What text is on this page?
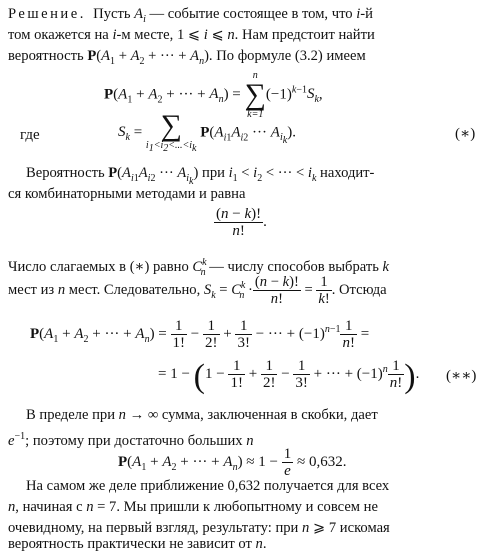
Решение.  Пусть $A_i$ — событие состоящее в том, что i-й
том окажется на i-м месте, 1 ⩽ i ⩽ n. Нам предстоит найти
вероятность $P(A_1 + A_2$ + ··· + $A_n$). По формуле (3.2) имеем
$P(A_1 + A_2$ + ··· + $A_n$) =
n
∑
k=1
$(-1)^{k-1}S_k$,
где	$S_k$ = ∑
$i_1<i_2<...<i_k$
$P(A_{i1}A_{i2}$ ··· $A_{i_k}$).	(∗)
Вероятность $P(A_{i1}A_{i2}$ ··· $A_{i_k}$) при $i_1 < i_2$ < ··· < $i_k$ находит-
ся комбинаторными методами и равна
$\frac{(n - k)!}{n!}$ .
Число слагаемых в (∗) равно $C^k_n$ — числу способов выбрать k
мест из n мест. Следовательно, $S_k = C^k_n \cdot \frac{(n - k)!}{n!} = \frac{1}{k!}$ . Отсюда
$P(A_1 + A_2$ + ··· + $A_n) = \frac{1}{1!} - \frac{1}{2!} + \frac{1}{3!}$ − ··· + $(-1)^{n-1} \frac{1}{n!}$ =
= $1 - (1 - \frac{1}{1!} + \frac{1}{2!} - \frac{1}{3!}$ + ··· + $(-1)^n \frac{1}{n!}$ ). (∗∗)
В пределе при n → ∞ сумма, заключенная в скобки, дает
$e^{-1}$; поэтому при достаточно больших n
$P(A_1 + A_2$ + ··· + $A_n) \approx 1 - \frac{1}{e} \approx 0,632$.
На самом же деле приближение 0,632 получается для всех
n, начиная с n = 7. Мы пришли к любопытному и совсем не
очевидному, на первый взгляд, результату: при n ⩾ 7 искомая
вероятность практически не зависит от n.
